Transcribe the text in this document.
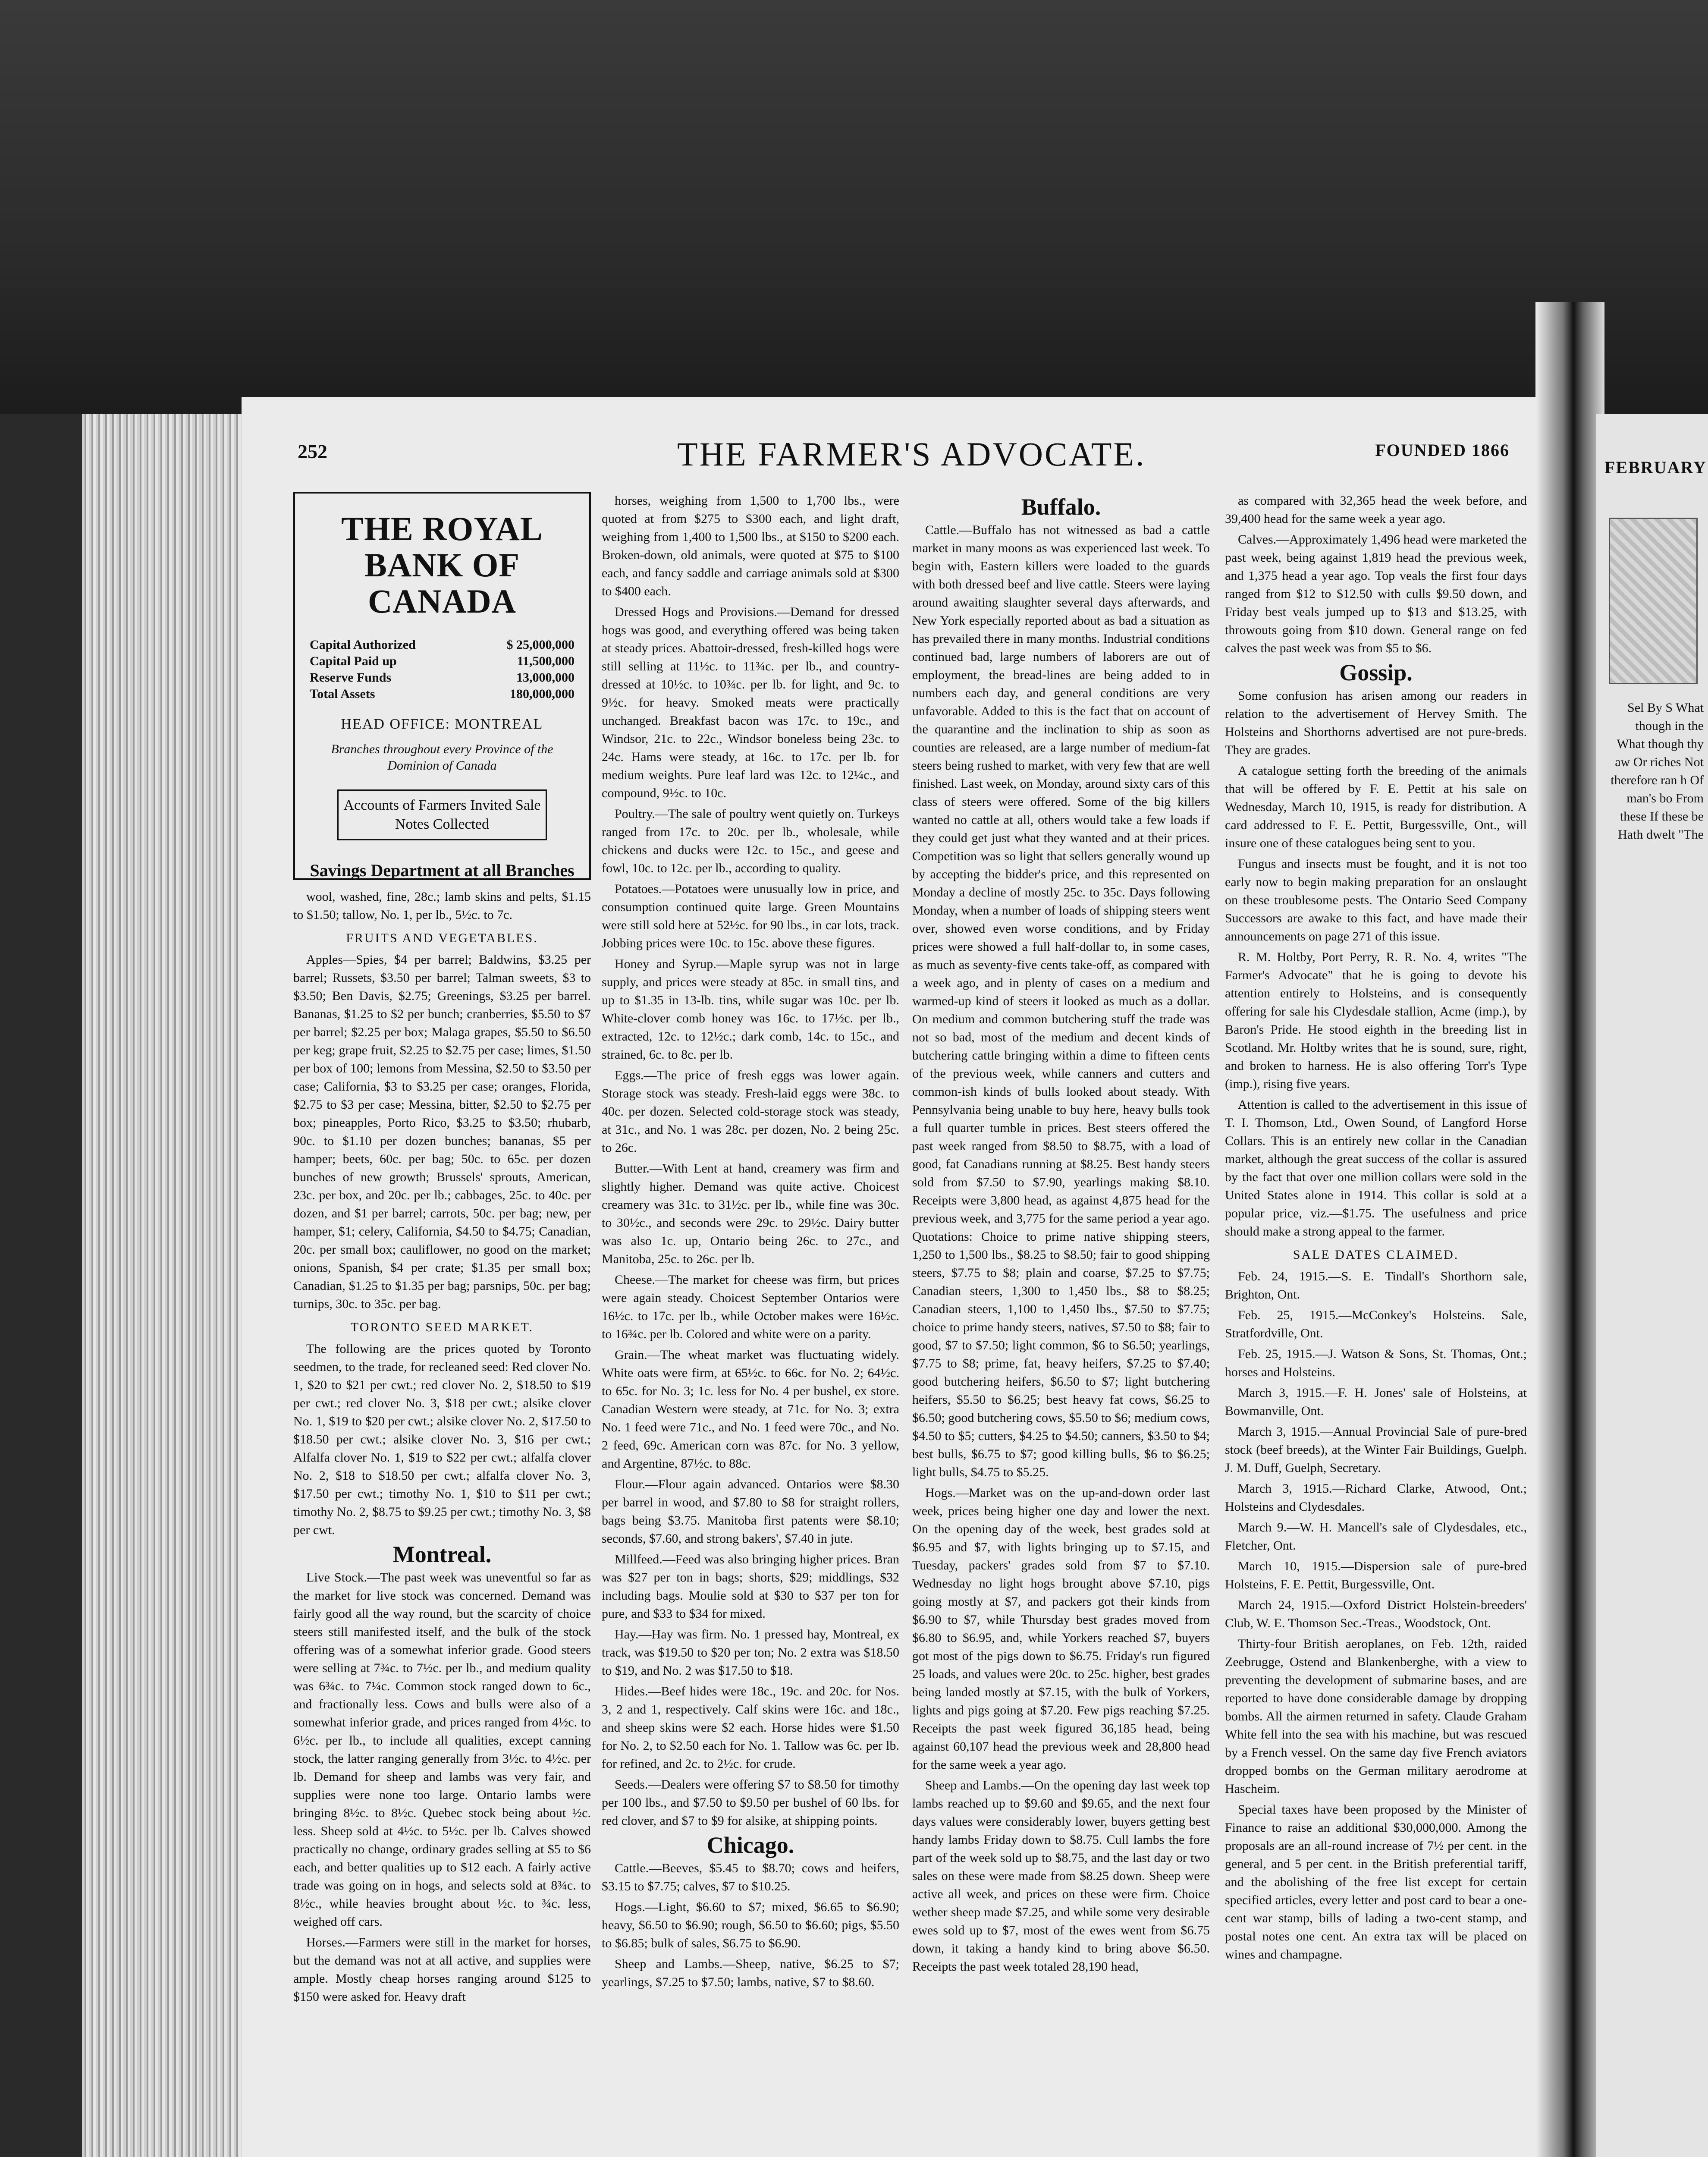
252	THE FARMER'S ADVOCATE.	FOUNDED 1866
THE ROYAL BANK OF CANADA
Capital Authorized	$ 25,000,000
Capital Paid up	11,500,000
Reserve Funds	13,000,000
Total Assets	180,000,000
HEAD OFFICE: MONTREAL
Branches throughout every Province of the Dominion of Canada
Accounts of Farmers Invited Sale Notes Collected
Savings Department at all Branches

wool, washed, fine, 28c.; lamb skins and pelts, $1.15 to $1.50; tallow, No. 1, per lb., 5½c. to 7c.

FRUITS AND VEGETABLES.

Apples—Spies, $4 per barrel; Baldwins, $3.25 per barrel; Russets, $3.50 per barrel; Talman sweets, $3 to $3.50; Ben Davis, $2.75; Greenings, $3.25 per barrel. Bananas, $1.25 to $2 per bunch; cranberries, $5.50 to $7 per barrel; $2.25 per box; Malaga grapes, $5.50 to $6.50 per keg; grape fruit, $2.25 to $2.75 per case; limes, $1.50 per box of 100; lemons from Messina, $2.50 to $3.50 per case; California, $3 to $3.25 per case; oranges, Florida, $2.75 to $3 per case; Messina, bitter, $2.50 to $2.75 per box; pineapples, Porto Rico, $3.25 to $3.50; rhubarb, 90c. to $1.10 per dozen bunches; bananas, $5 per hamper; beets, 60c. per bag; 50c. to 65c. per dozen bunches of new growth; Brussels' sprouts, American, 23c. per box, and 20c. per lb.; cabbages, 25c. to 40c. per dozen, and $1 per barrel; carrots, 50c. per bag; new, per hamper, $1; celery, California, $4.50 to $4.75; Canadian, 20c. per small box; cauliflower, no good on the market; onions, Spanish, $4 per crate; $1.35 per small box; Canadian, $1.25 to $1.35 per bag; parsnips, 50c. per bag; turnips, 30c. to 35c. per bag.

TORONTO SEED MARKET.

The following are the prices quoted by Toronto seedmen, to the trade, for recleaned seed: Red clover No. 1, $20 to $21 per cwt.; red clover No. 2, $18.50 to $19 per cwt.; red clover No. 3, $18 per cwt.; alsike clover No. 1, $19 to $20 per cwt.; alsike clover No. 2, $17.50 to $18.50 per cwt.; alsike clover No. 3, $16 per cwt.; Alfalfa clover No. 1, $19 to $22 per cwt.; alfalfa clover No. 2, $18 to $18.50 per cwt.; alfalfa clover No. 3, $17.50 per cwt.; timothy No. 1, $10 to $11 per cwt.; timothy No. 2, $8.75 to $9.25 per cwt.; timothy No. 3, $8 per cwt.

Montreal.

Live Stock.—The past week was uneventful so far as the market for live stock was concerned. Demand was fairly good all the way round, but the scarcity of choice steers still manifested itself, and the bulk of the stock offering was of a somewhat inferior grade. Good steers were selling at 7¾c. to 7½c. per lb., and medium quality was 6¾c. to 7¼c. Common stock ranged down to 6c., and fractionally less. Cows and bulls were also of a somewhat inferior grade, and prices ranged from 4½c. to 6½c. per lb., to include all qualities, except canning stock, the latter ranging generally from 3½c. to 4½c. per lb. Demand for sheep and lambs was very fair, and supplies were none too large. Ontario lambs were bringing 8½c. to 8½c. Quebec stock being about ½c. less. Sheep sold at 4½c. to 5½c. per lb. Calves showed practically no change, ordinary grades selling at $5 to $6 each, and better qualities up to $12 each. A fairly active trade was going on in hogs, and selects sold at 8¾c. to 8½c., while heavies brought about ½c. to ¾c. less, weighed off cars.

Horses.—Farmers were still in the market for horses, but the demand was not at all active, and supplies were ample. Mostly cheap horses ranging around $125 to $150 were asked for. Heavy draft

horses, weighing from 1,500 to 1,700 lbs., were quoted at from $275 to $300 each, and light draft, weighing from 1,400 to 1,500 lbs., at $150 to $200 each. Broken-down, old animals, were quoted at $75 to $100 each, and fancy saddle and carriage animals sold at $300 to $400 each.

Dressed Hogs and Provisions.—Demand for dressed hogs was good, and everything offered was being taken at steady prices. Abattoir-dressed, fresh-killed hogs were still selling at 11½c. to 11¾c. per lb., and country-dressed at 10½c. to 10¾c. per lb. for light, and 9c. to 9½c. for heavy. Smoked meats were practically unchanged. Breakfast bacon was 17c. to 19c., and Windsor, 21c. to 22c., Windsor boneless being 23c. to 24c. Hams were steady, at 16c. to 17c. per lb. for medium weights. Pure leaf lard was 12c. to 12¼c., and compound, 9½c. to 10c.

Poultry.—The sale of poultry went quietly on. Turkeys ranged from 17c. to 20c. per lb., wholesale, while chickens and ducks were 12c. to 15c., and geese and fowl, 10c. to 12c. per lb., according to quality.

Potatoes.—Potatoes were unusually low in price, and consumption continued quite large. Green Mountains were still sold here at 52½c. for 90 lbs., in car lots, track. Jobbing prices were 10c. to 15c. above these figures.

Honey and Syrup.—Maple syrup was not in large supply, and prices were steady at 85c. in small tins, and up to $1.35 in 13-lb. tins, while sugar was 10c. per lb. White-clover comb honey was 16c. to 17½c. per lb., extracted, 12c. to 12½c.; dark comb, 14c. to 15c., and strained, 6c. to 8c. per lb.

Eggs.—The price of fresh eggs was lower again. Storage stock was steady. Fresh-laid eggs were 38c. to 40c. per dozen. Selected cold-storage stock was steady, at 31c., and No. 1 was 28c. per dozen, No. 2 being 25c. to 26c.

Butter.—With Lent at hand, creamery was firm and slightly higher. Demand was quite active. Choicest creamery was 31c. to 31½c. per lb., while fine was 30c. to 30½c., and seconds were 29c. to 29½c. Dairy butter was also 1c. up, Ontario being 26c. to 27c., and Manitoba, 25c. to 26c. per lb.

Cheese.—The market for cheese was firm, but prices were again steady. Choicest September Ontarios were 16½c. to 17c. per lb., while October makes were 16½c. to 16¾c. per lb. Colored and white were on a parity.

Grain.—The wheat market was fluctuating widely. White oats were firm, at 65½c. to 66c. for No. 2; 64½c. to 65c. for No. 3; 1c. less for No. 4 per bushel, ex store. Canadian Western were steady, at 71c. for No. 3; extra No. 1 feed were 71c., and No. 1 feed were 70c., and No. 2 feed, 69c. American corn was 87c. for No. 3 yellow, and Argentine, 87½c. to 88c.

Flour.—Flour again advanced. Ontarios were $8.30 per barrel in wood, and $7.80 to $8 for straight rollers, bags being $3.75. Manitoba first patents were $8.10; seconds, $7.60, and strong bakers', $7.40 in jute.

Millfeed.—Feed was also bringing higher prices. Bran was $27 per ton in bags; shorts, $29; middlings, $32 including bags. Moulie sold at $30 to $37 per ton for pure, and $33 to $34 for mixed.

Hay.—Hay was firm. No. 1 pressed hay, Montreal, ex track, was $19.50 to $20 per ton; No. 2 extra was $18.50 to $19, and No. 2 was $17.50 to $18.

Hides.—Beef hides were 18c., 19c. and 20c. for Nos. 3, 2 and 1, respectively. Calf skins were 16c. and 18c., and sheep skins were $2 each. Horse hides were $1.50 for No. 2, to $2.50 each for No. 1. Tallow was 6c. per lb. for refined, and 2c. to 2½c. for crude.

Seeds.—Dealers were offering $7 to $8.50 for timothy per 100 lbs., and $7.50 to $9.50 per bushel of 60 lbs. for red clover, and $7 to $9 for alsike, at shipping points.

Chicago.

Cattle.—Beeves, $5.45 to $8.70; cows and heifers, $3.15 to $7.75; calves, $7 to $10.25.

Hogs.—Light, $6.60 to $7; mixed, $6.65 to $6.90; heavy, $6.50 to $6.90; rough, $6.50 to $6.60; pigs, $5.50 to $6.85; bulk of sales, $6.75 to $6.90.

Sheep and Lambs.—Sheep, native, $6.25 to $7; yearlings, $7.25 to $7.50; lambs, native, $7 to $8.60.

Buffalo.

Cattle.—Buffalo has not witnessed as bad a cattle market in many moons as was experienced last week. To begin with, Eastern killers were loaded to the guards with both dressed beef and live cattle. Steers were laying around awaiting slaughter several days afterwards, and New York especially reported about as bad a situation as has prevailed there in many months. Industrial conditions continued bad, large numbers of laborers are out of employment, the bread-lines are being added to in numbers each day, and general conditions are very unfavorable. Added to this is the fact that on account of the quarantine and the inclination to ship as soon as counties are released, are a large number of medium-fat steers being rushed to market, with very few that are well finished. Last week, on Monday, around sixty cars of this class of steers were offered. Some of the big killers wanted no cattle at all, others would take a few loads if they could get just what they wanted and at their prices. Competition was so light that sellers generally wound up by accepting the bidder's price, and this represented on Monday a decline of mostly 25c. to 35c. Days following Monday, when a number of loads of shipping steers went over, showed even worse conditions, and by Friday prices were showed a full half-dollar to, in some cases, as much as seventy-five cents take-off, as compared with a week ago, and in plenty of cases on a medium and warmed-up kind of steers it looked as much as a dollar. On medium and common butchering stuff the trade was not so bad, most of the medium and decent kinds of butchering cattle bringing within a dime to fifteen cents of the previous week, while canners and cutters and common-ish kinds of bulls looked about steady. With Pennsylvania being unable to buy here, heavy bulls took a full quarter tumble in prices. Best steers offered the past week ranged from $8.50 to $8.75, with a load of good, fat Canadians running at $8.25. Best handy steers sold from $7.50 to $7.90, yearlings making $8.10. Receipts were 3,800 head, as against 4,875 head for the previous week, and 3,775 for the same period a year ago. Quotations: Choice to prime native shipping steers, 1,250 to 1,500 lbs., $8.25 to $8.50; fair to good shipping steers, $7.75 to $8; plain and coarse, $7.25 to $7.75; Canadian steers, 1,300 to 1,450 lbs., $8 to $8.25; Canadian steers, 1,100 to 1,450 lbs., $7.50 to $7.75; choice to prime handy steers, natives, $7.50 to $8; fair to good, $7 to $7.50; light common, $6 to $6.50; yearlings, $7.75 to $8; prime, fat, heavy heifers, $7.25 to $7.40; good butchering heifers, $6.50 to $7; light butchering heifers, $5.50 to $6.25; best heavy fat cows, $6.25 to $6.50; good butchering cows, $5.50 to $6; medium cows, $4.50 to $5; cutters, $4.25 to $4.50; canners, $3.50 to $4; best bulls, $6.75 to $7; good killing bulls, $6 to $6.25; light bulls, $4.75 to $5.25.

Hogs.—Market was on the up-and-down order last week, prices being higher one day and lower the next. On the opening day of the week, best grades sold at $6.95 and $7, with lights bringing up to $7.15, and Tuesday, packers' grades sold from $7 to $7.10. Wednesday no light hogs brought above $7.10, pigs going mostly at $7, and packers got their kinds from $6.90 to $7, while Thursday best grades moved from $6.80 to $6.95, and, while Yorkers reached $7, buyers got most of the pigs down to $6.75. Friday's run figured 25 loads, and values were 20c. to 25c. higher, best grades being landed mostly at $7.15, with the bulk of Yorkers, lights and pigs going at $7.20. Few pigs reaching $7.25. Receipts the past week figured 36,185 head, being against 60,107 head the previous week and 28,800 head for the same week a year ago.

Sheep and Lambs.—On the opening day last week top lambs reached up to $9.60 and $9.65, and the next four days values were considerably lower, buyers getting best handy lambs Friday down to $8.75. Cull lambs the fore part of the week sold up to $8.75, and the last day or two sales on these were made from $8.25 down. Sheep were active all week, and prices on these were firm. Choice wether sheep made $7.25, and while some very desirable ewes sold up to $7, most of the ewes went from $6.75 down, it taking a handy kind to bring above $6.50. Receipts the past week totaled 28,190 head,

as compared with 32,365 head the week before, and 39,400 head for the same week a year ago.

Calves.—Approximately 1,496 head were marketed the past week, being against 1,819 head the previous week, and 1,375 head a year ago. Top veals the first four days ranged from $12 to $12.50 with culls $9.50 down, and Friday best veals jumped up to $13 and $13.25, with throwouts going from $10 down. General range on fed calves the past week was from $5 to $6.

Gossip.

Some confusion has arisen among our readers in relation to the advertisement of Hervey Smith. The Holsteins and Shorthorns advertised are not pure-breds. They are grades.

A catalogue setting forth the breeding of the animals that will be offered by F. E. Pettit at his sale on Wednesday, March 10, 1915, is ready for distribution. A card addressed to F. E. Pettit, Burgessville, Ont., will insure one of these catalogues being sent to you.

Fungus and insects must be fought, and it is not too early now to begin making preparation for an onslaught on these troublesome pests. The Ontario Seed Company Successors are awake to this fact, and have made their announcements on page 271 of this issue.

R. M. Holtby, Port Perry, R. R. No. 4, writes "The Farmer's Advocate" that he is going to devote his attention entirely to Holsteins, and is consequently offering for sale his Clydesdale stallion, Acme (imp.), by Baron's Pride. He stood eighth in the breeding list in Scotland. Mr. Holtby writes that he is sound, sure, right, and broken to harness. He is also offering Torr's Type (imp.), rising five years.

Attention is called to the advertisement in this issue of T. I. Thomson, Ltd., Owen Sound, of Langford Horse Collars. This is an entirely new collar in the Canadian market, although the great success of the collar is assured by the fact that over one million collars were sold in the United States alone in 1914. This collar is sold at a popular price, viz.—$1.75. The usefulness and price should make a strong appeal to the farmer.

SALE DATES CLAIMED.

Feb. 24, 1915.—S. E. Tindall's Shorthorn sale, Brighton, Ont.

Feb. 25, 1915.—McConkey's Holsteins. Sale, Stratfordville, Ont.

Feb. 25, 1915.—J. Watson & Sons, St. Thomas, Ont.; horses and Holsteins.

March 3, 1915.—F. H. Jones' sale of Holsteins, at Bowmanville, Ont.

March 3, 1915.—Annual Provincial Sale of pure-bred stock (beef breeds), at the Winter Fair Buildings, Guelph. J. M. Duff, Guelph, Secretary.

March 3, 1915.—Richard Clarke, Atwood, Ont.; Holsteins and Clydesdales.

March 9.—W. H. Mancell's sale of Clydesdales, etc., Fletcher, Ont.

March 10, 1915.—Dispersion sale of pure-bred Holsteins, F. E. Pettit, Burgessville, Ont.

March 24, 1915.—Oxford District Holstein-breeders' Club, W. E. Thomson Sec.-Treas., Woodstock, Ont.

Thirty-four British aeroplanes, on Feb. 12th, raided Zeebrugge, Ostend and Blankenberghe, with a view to preventing the development of submarine bases, and are reported to have done considerable damage by dropping bombs. All the airmen returned in safety. Claude Graham White fell into the sea with his machine, but was rescued by a French vessel. On the same day five French aviators dropped bombs on the German military aerodrome at Hascheim.

Special taxes have been proposed by the Minister of Finance to raise an additional $30,000,000. Among the proposals are an all-round increase of 7½ per cent. in the general, and 5 per cent. in the British preferential tariff, and the abolishing of the free list except for certain specified articles, every letter and post card to bear a one-cent war stamp, bills of lading a two-cent stamp, and postal notes one cent. An extra tax will be placed on wines and champagne.

FEBRUARY
Sel By S What though in the What though thy aw Or riches Not therefore ran h Of man's bo From these If these be Hath dwelt "The
